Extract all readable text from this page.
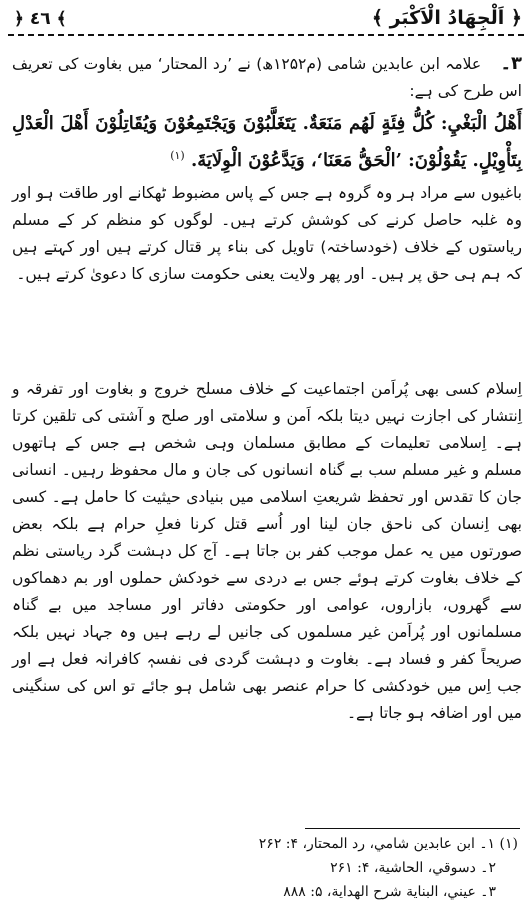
﴿ اَلْجِهَادُ الْاَکْبَر ﴾
﴿ ٤٦ ﴾
۳۔ علامہ ابن عابدین شامی (م۱۲۵۲ھ) نے ’رد المحتار‘ میں بغاوت کی تعریف اس طرح کی ہے:
أَهْلُ الْبَغْيِ: كُلُّ فِئَةٍ لَهُم مَنَعَةٌ. يَتَغَلَّبُوْنَ وَيَجْتَمِعُوْنَ وَيُقَاتِلُوْنَ أَهْلَ الْعَدْلِ بِتَأْوِيْلٍ. يَقُوْلُوْنَ: ’الْحَقُّ مَعَنَا‘، وَيَدَّعُوْنَ الْوِلَايَةَ. $^{(۱)}$
باغیوں سے مراد ہر وہ گروہ ہے جس کے پاس مضبوط ٹھکانے اور طاقت ہو اور وہ غلبہ حاصل کرنے کی کوشش کرتے ہیں۔ لوگوں کو منظم کر کے مسلم ریاستوں کے خلاف (خودساختہ) تاویل کی بناء پر قتال کرتے ہیں اور کہتے ہیں کہ ہم ہی حق پر ہیں۔ اور پھر ولایت یعنی حکومت سازی کا دعویٰ کرتے ہیں۔
اِسلام کسی بھی پُراَمن اجتماعیت کے خلاف مسلح خروج و بغاوت اور تفرقہ و اِنتشار کی اجازت نہیں دیتا بلکہ اَمن و سلامتی اور صلح و آشتی کی تلقین کرتا ہے۔ اِسلامی تعلیمات کے مطابق مسلمان وہی شخص ہے جس کے ہاتھوں مسلم و غیر مسلم سب بے گناہ انسانوں کی جان و مال محفوظ رہیں۔ انسانی جان کا تقدس اور تحفظ شریعتِ اسلامی میں بنیادی حیثیت کا حامل ہے۔ کسی بھی اِنسان کی ناحق جان لینا اور اُسے قتل کرنا فعلِ حرام ہے بلکہ بعض صورتوں میں یہ عمل موجب کفر بن جاتا ہے۔ آج کل دہشت گرد ریاستی نظم کے خلاف بغاوت کرتے ہوئے جس بے دردی سے خودکش حملوں اور بم دھماکوں سے گھروں، بازاروں، عوامی اور حکومتی دفاتر اور مساجد میں بے گناہ مسلمانوں اور پُراَمن غیر مسلموں کی جانیں لے رہے ہیں وہ جہاد نہیں بلکہ صریحاً کفر و فساد ہے۔ بغاوت و دہشت گردی فی نفسہٖ کافرانہ فعل ہے اور جب اِس میں خودکشی کا حرام عنصر بھی شامل ہو جائے تو اس کی سنگینی میں اور اضافہ ہو جاتا ہے۔
(۱) ۱۔ ابن عابدين شامي، رد المحتار، ۴: ۲۶۲
۲۔ دسوقي، الحاشية، ۴: ۲۶۱
۳۔ عيني، البناية شرح الهداية، ۵: ۸۸۸
